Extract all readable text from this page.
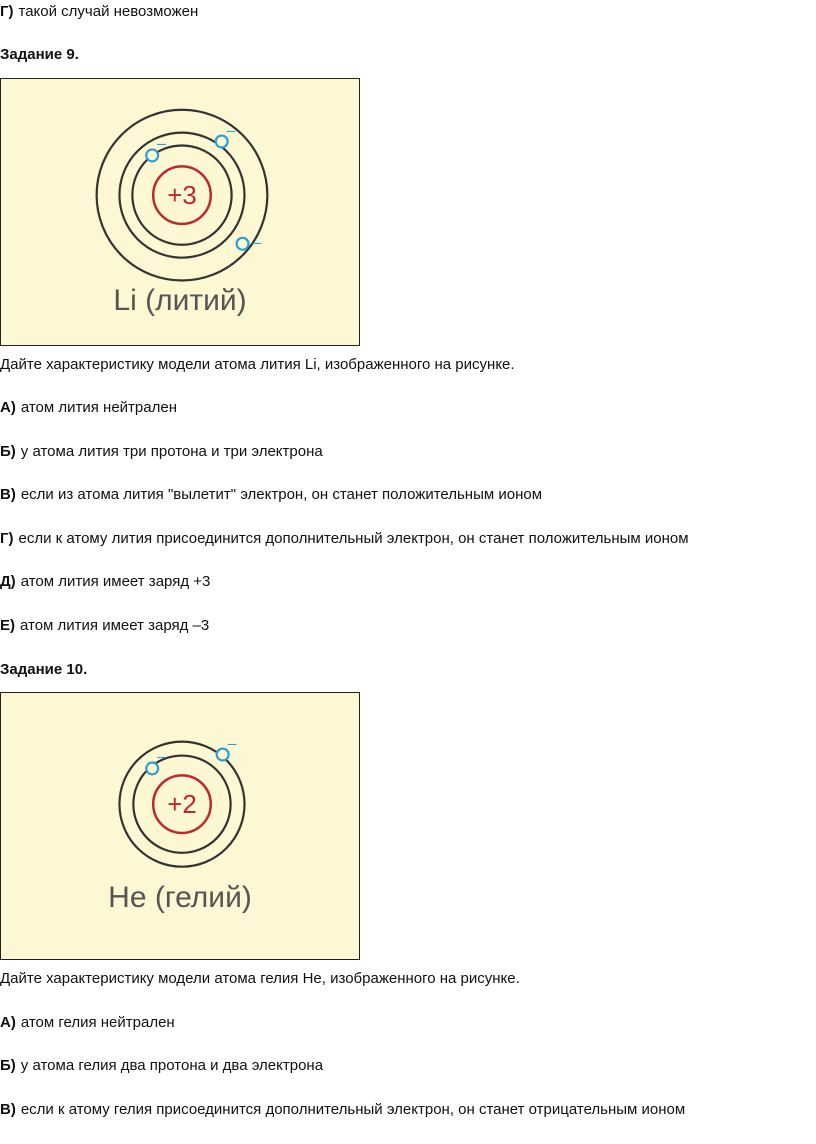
Г) такой случай невозможен
Задание 9.
–
–
–
+3
Li (литий)
Дайте характеристику модели атома лития Li, изображенного на рисунке.
А) атом лития нейтрален
Б) у атома лития три протона и три электрона
В) если из атома лития "вылетит" электрон, он станет положительным ионом
Г) если к атому лития присоединится дополнительный электрон, он станет положительным ионом
Д) атом лития имеет заряд +3
Е) атом лития имеет заряд –3
Задание 10.
–
–
+2
He (гелий)
Дайте характеристику модели атома гелия He, изображенного на рисунке.
А) атом гелия нейтрален
Б) у атома гелия два протона и два электрона
В) если к атому гелия присоединится дополнительный электрон, он станет отрицательным ионом
